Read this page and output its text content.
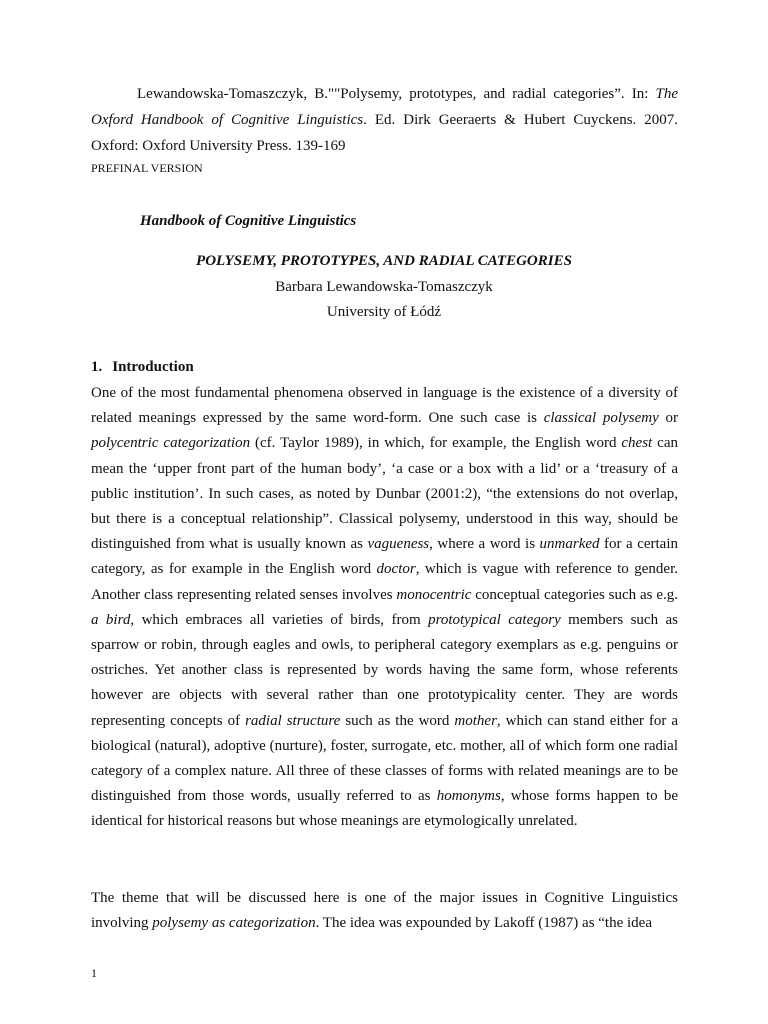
Lewandowska-Tomaszczyk, B.""Polysemy, prototypes, and radial categories”. In: The Oxford Handbook of Cognitive Linguistics. Ed. Dirk Geeraerts & Hubert Cuyckens. 2007. Oxford: Oxford University Press. 139-169

PREFINAL VERSION

Handbook of Cognitive Linguistics

POLYSEMY, PROTOTYPES, AND RADIAL CATEGORIES

Barbara Lewandowska-Tomaszczyk

University of Łódź

1. Introduction

One of the most fundamental phenomena observed in language is the existence of a diversity of related meanings expressed by the same word-form. One such case is classical polysemy or polycentric categorization (cf. Taylor 1989), in which, for example, the English word chest can mean the ‘upper front part of the human body’, ‘a case or a box with a lid’ or a ‘treasury of a public institution’. In such cases, as noted by Dunbar (2001:2), “the extensions do not overlap, but there is a conceptual relationship”. Classical polysemy, understood in this way, should be distinguished from what is usually known as vagueness, where a word is unmarked for a certain category, as for example in the English word doctor, which is vague with reference to gender. Another class representing related senses involves monocentric conceptual categories such as e.g. a bird, which embraces all varieties of birds, from prototypical category members such as sparrow or robin, through eagles and owls, to peripheral category exemplars as e.g. penguins or ostriches. Yet another class is represented by words having the same form, whose referents however are objects with several rather than one prototypicality center. They are words representing concepts of radial structure such as the word mother, which can stand either for a biological (natural), adoptive (nurture), foster, surrogate, etc. mother, all of which form one radial category of a complex nature. All three of these classes of forms with related meanings are to be distinguished from those words, usually referred to as homonyms, whose forms happen to be identical for historical reasons but whose meanings are etymologically unrelated.

The theme that will be discussed here is one of the major issues in Cognitive Linguistics involving polysemy as categorization. The idea was expounded by Lakoff (1987) as “the idea

1
